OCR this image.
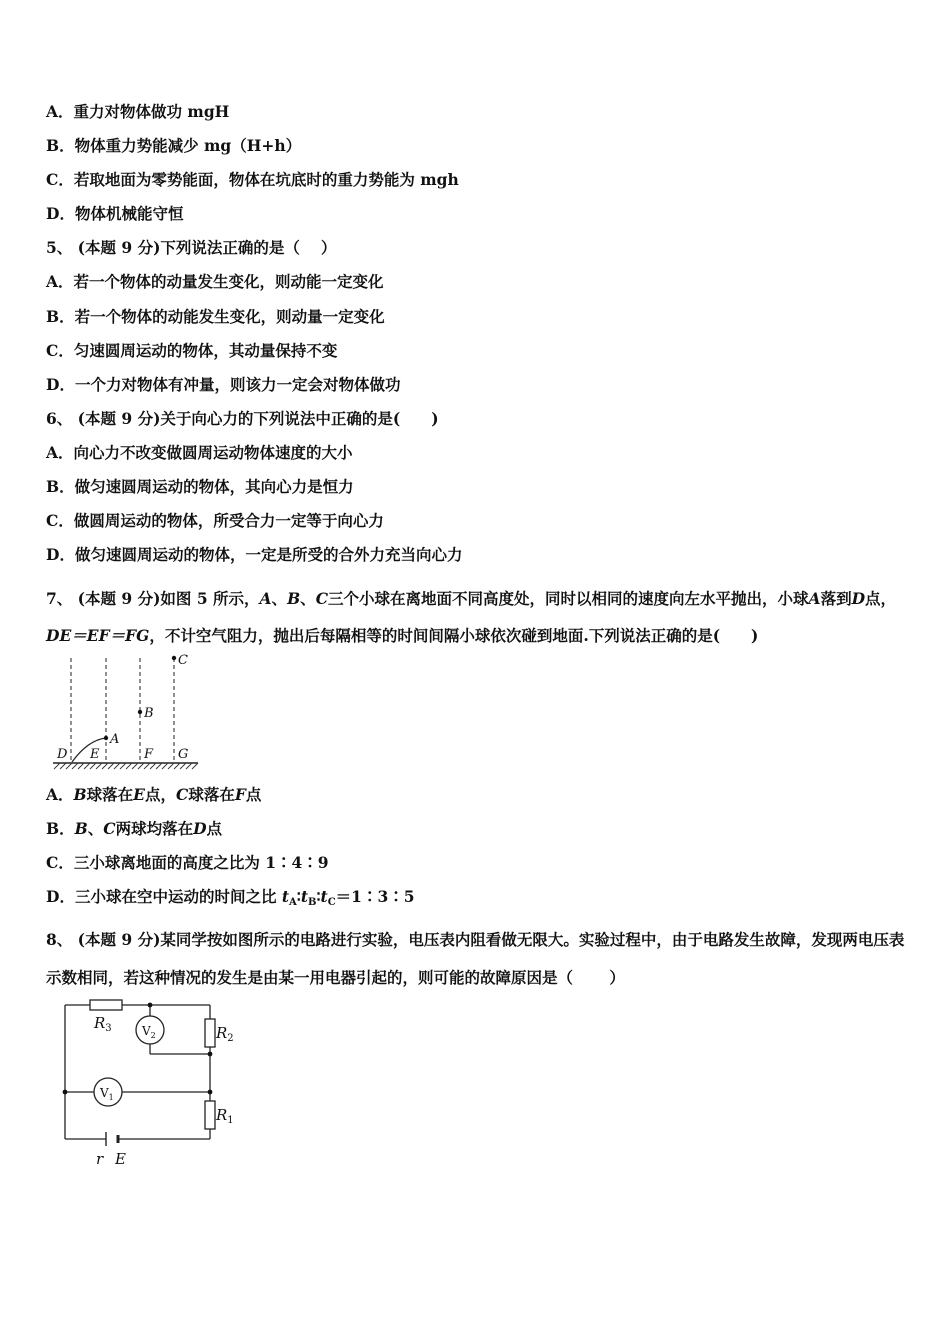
A．重力对物体做功 mgH
B．物体重力势能减少 mg（H+h）
C．若取地面为零势能面，物体在坑底时的重力势能为 mgh
D．物体机械能守恒
5、 (本题 9 分)下列说法正确的是（　 ）
A．若一个物体的动量发生变化，则动能一定变化
B．若一个物体的动能发生变化，则动量一定变化
C．匀速圆周运动的物体，其动量保持不变
D．一个力对物体有冲量，则该力一定会对物体做功
6、 (本题 9 分)关于向心力的下列说法中正确的是(　　)
A．向心力不改变做圆周运动物体速度的大小
B．做匀速圆周运动的物体，其向心力是恒力
C．做圆周运动的物体，所受合力一定等于向心力
D．做匀速圆周运动的物体，一定是所受的合外力充当向心力
7、 (本题 9 分)如图 5 所示，A、B、C三个小球在离地面不同高度处，同时以相同的速度向左水平抛出，小球A落到D点，DE＝EF＝FG，不计空气阻力，抛出后每隔相等的时间间隔小球依次碰到地面.下列说法正确的是(　　)
A
B
C
D E	F G
A．B球落在E点，C球落在F点
B．B、C两球均落在D点
C．三小球离地面的高度之比为 1∶4∶9
D．三小球在空中运动的时间之比 $t_A∶t_B∶t_C=1∶3∶5$
8、 (本题 9 分)某同学按如图所示的电路进行实验，电压表内阻看做无限大。实验过程中，由于电路发生故障，发现两电压表示数相同，若这种情况的发生是由某一用电器引起的，则可能的故障原因是（　　 ）
$R_3$	$R_2$
$R_1$
$V_2$
$V_1$
r E
